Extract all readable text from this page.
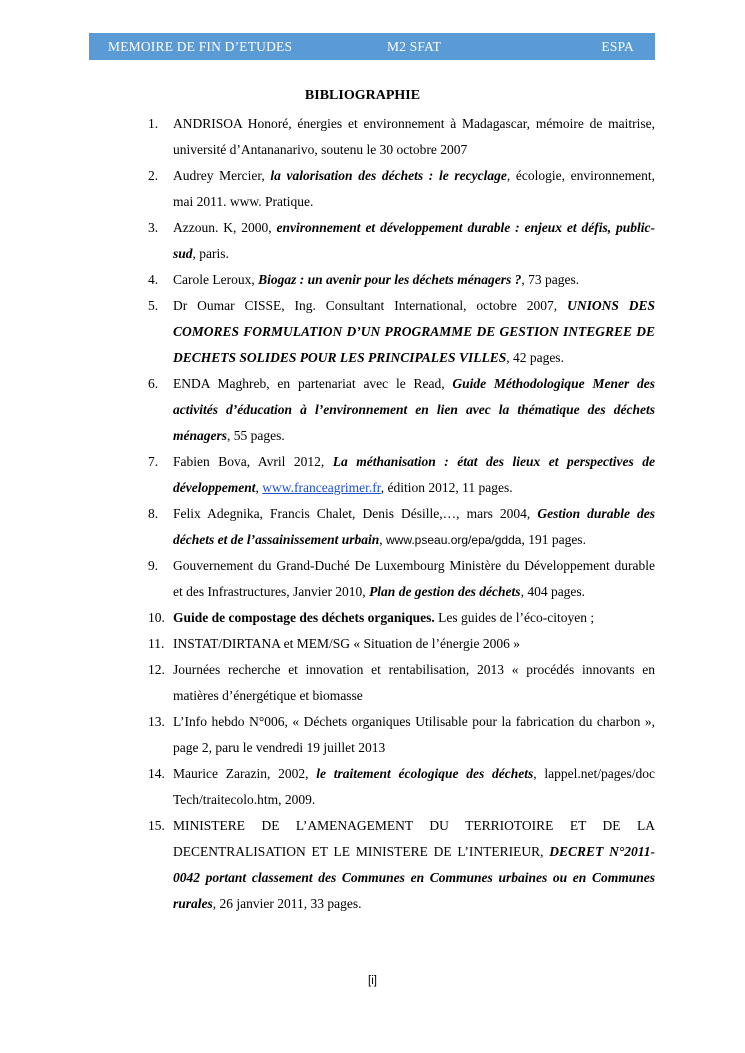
MEMOIRE DE FIN D’ETUDES	M2 SFAT	ESPA
BIBLIOGRAPHIE
1. ANDRISOA Honoré, énergies et environnement à Madagascar, mémoire de maitrise, université d’Antananarivo, soutenu le 30 octobre 2007
2. Audrey Mercier, la valorisation des déchets : le recyclage, écologie, environnement, mai 2011. www. Pratique.
3. Azzoun. K, 2000, environnement et développement durable : enjeux et défis, public-sud, paris.
4. Carole Leroux, Biogaz : un avenir pour les déchets ménagers ?, 73 pages.
5. Dr Oumar CISSE, Ing. Consultant International, octobre 2007, UNIONS DES COMORES FORMULATION D’UN PROGRAMME DE GESTION INTEGREE DE DECHETS SOLIDES POUR LES PRINCIPALES VILLES, 42 pages.
6. ENDA Maghreb, en partenariat avec le Read, Guide Méthodologique Mener des activités d’éducation à l’environnement en lien avec la thématique des déchets ménagers, 55 pages.
7. Fabien Bova, Avril 2012, La méthanisation : état des lieux et perspectives de développement, www.franceagrimer.fr, édition 2012, 11 pages.
8. Felix Adegnika, Francis Chalet, Denis Désille,…, mars 2004, Gestion durable des déchets et de l’assainissement urbain, www.pseau.org/epa/gdda, 191 pages.
9. Gouvernement du Grand-Duché De Luxembourg Ministère du Développement durable et des Infrastructures, Janvier 2010, Plan de gestion des déchets, 404 pages.
10. Guide de compostage des déchets organiques. Les guides de l’éco-citoyen ;
11. INSTAT/DIRTANA et MEM/SG « Situation de l’énergie 2006 »
12. Journées recherche et innovation et rentabilisation, 2013 « procédés innovants en matières d’énergétique et biomasse
13. L’Info hebdo N°006, « Déchets organiques Utilisable pour la fabrication du charbon », page 2, paru le vendredi 19 juillet 2013
14. Maurice Zarazin, 2002, le traitement écologique des déchets, lappel.net/pages/doc Tech/traitecolo.htm, 2009.
15. MINISTERE DE L’AMENAGEMENT DU TERRIOTOIRE ET DE LA DECENTRALISATION ET LE MINISTERE DE L’INTERIEUR, DECRET N°2011-0042 portant classement des Communes en Communes urbaines ou en Communes rurales, 26 janvier 2011, 33 pages.
[i]
